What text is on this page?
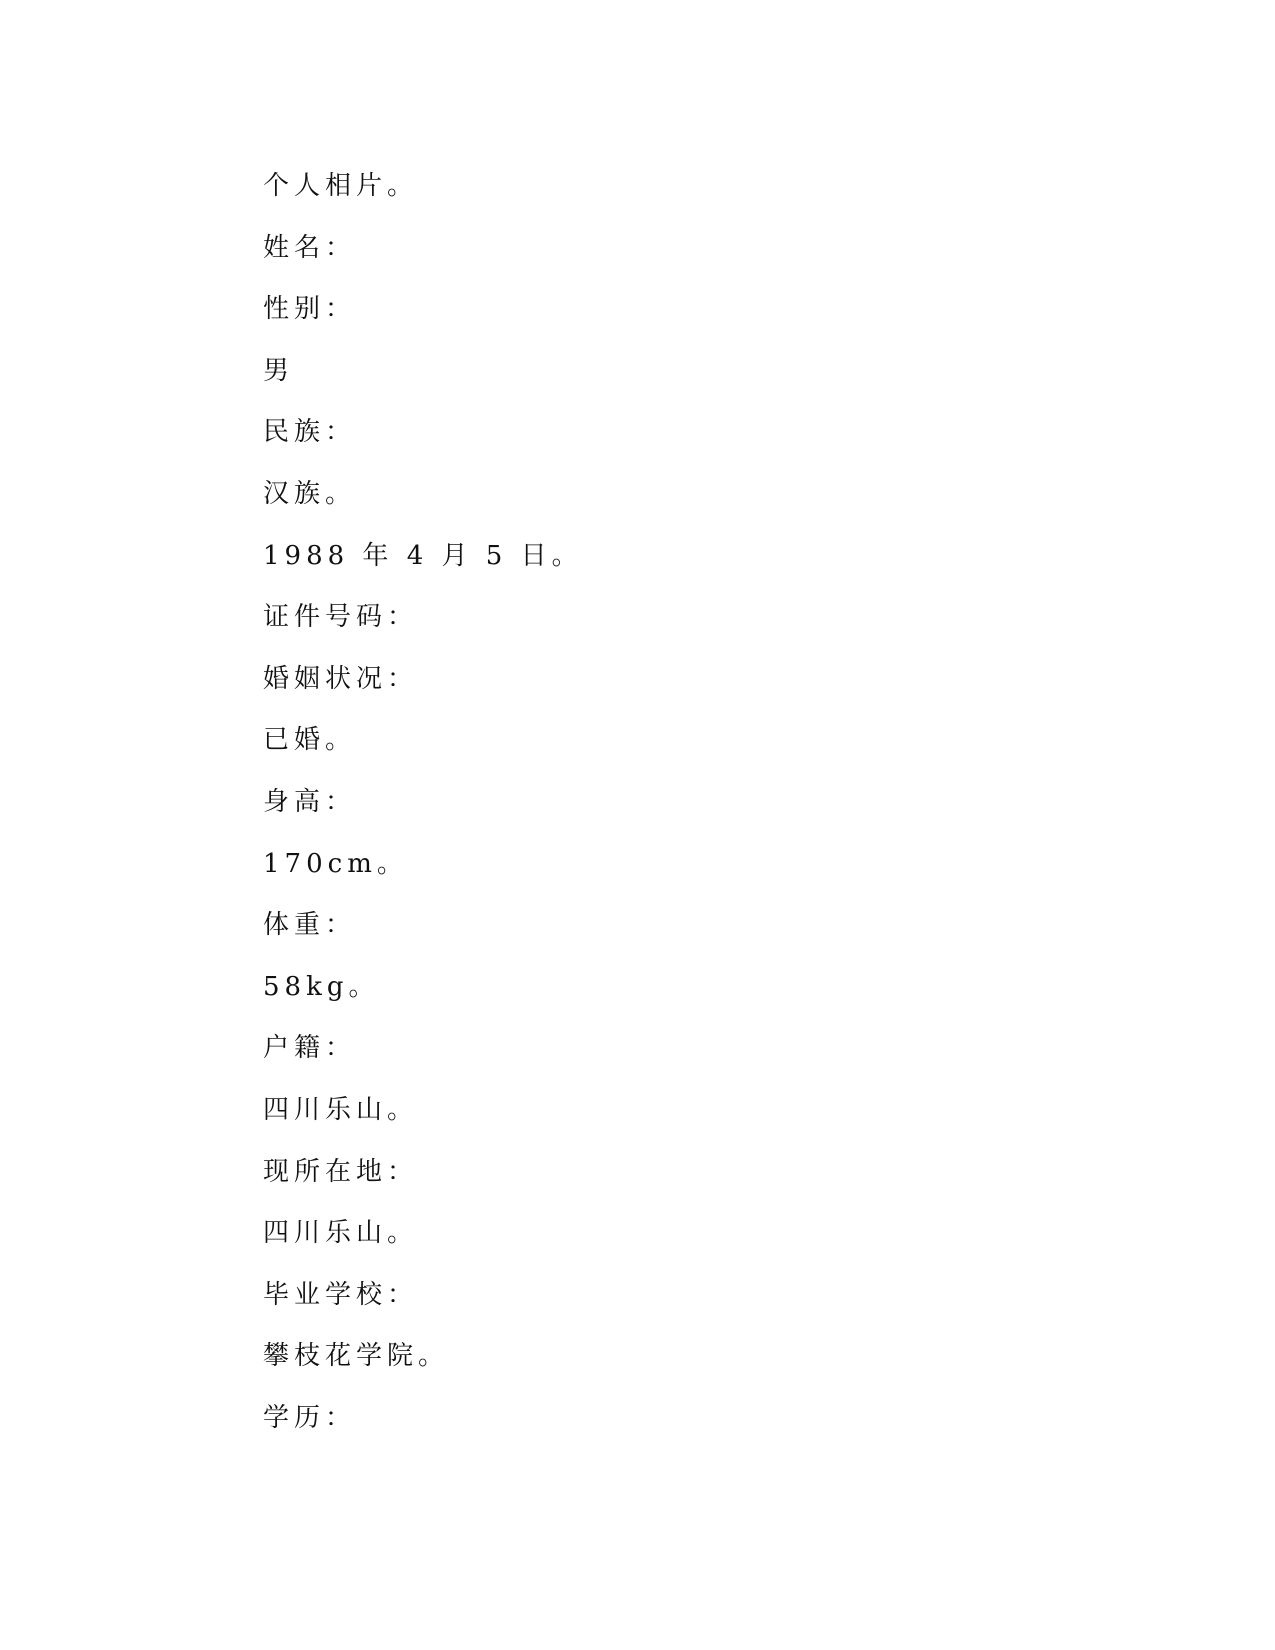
个人相片。
姓名：
性别：
男
民族：
汉族。
1988 年 4 月 5 日。
证件号码：
婚姻状况：
已婚。
身高：
170cm。
体重：
58kg。
户籍：
四川乐山。
现所在地：
四川乐山。
毕业学校：
攀枝花学院。
学历：
